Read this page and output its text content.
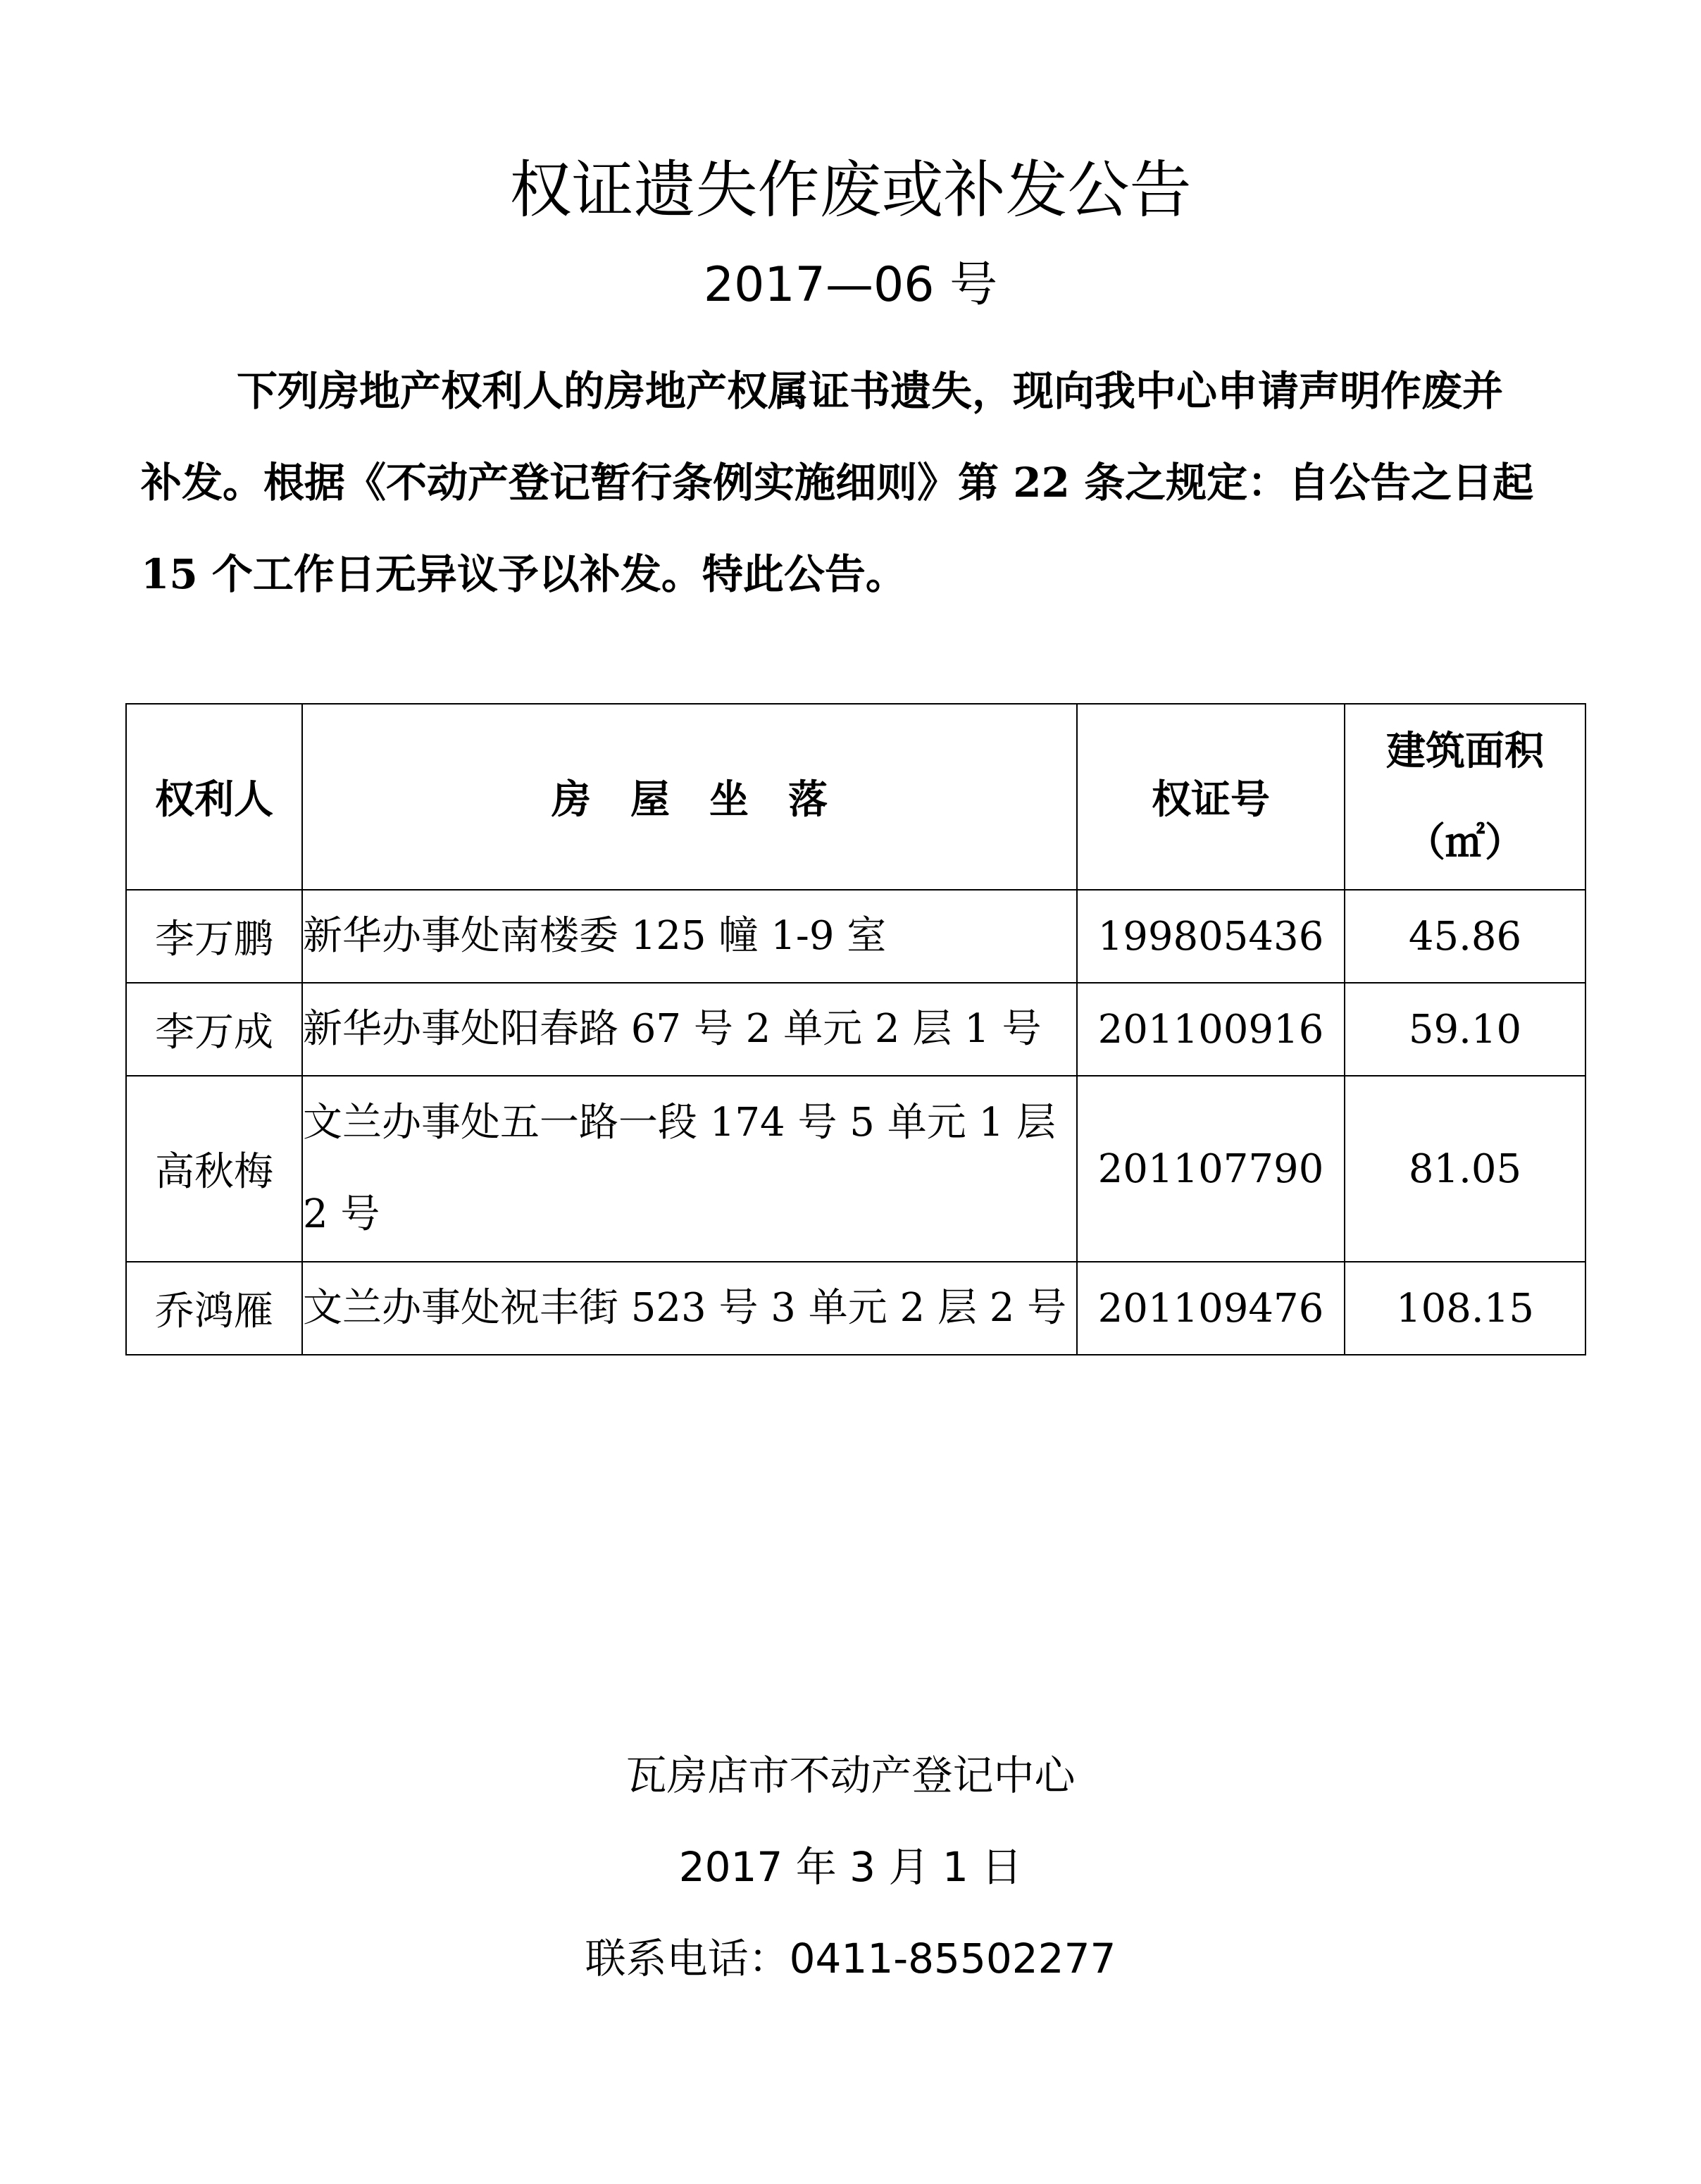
权证遗失作废或补发公告
2017—06 号

下列房地产权利人的房地产权属证书遗失，现向我中心申请声明作废并补发。根据《不动产登记暂行条例实施细则》第 22 条之规定：自公告之日起 15 个工作日无异议予以补发。特此公告。

权利人	房　屋　坐　落	权证号	建筑面积
（㎡）

李万鹏	新华办事处南楼委 125 幢 1-9 室	199805436	45.86
李万成	新华办事处阳春路 67 号 2 单元 2 层 1 号	201100916	59.10
高秋梅	文兰办事处五一路一段 174 号 5 单元 1 层 2 号	201107790	81.05
乔鸿雁	文兰办事处祝丰街 523 号 3 单元 2 层 2 号	201109476	108.15
瓦房店市不动产登记中心
2017 年 3 月 1 日
联系电话：0411-85502277
